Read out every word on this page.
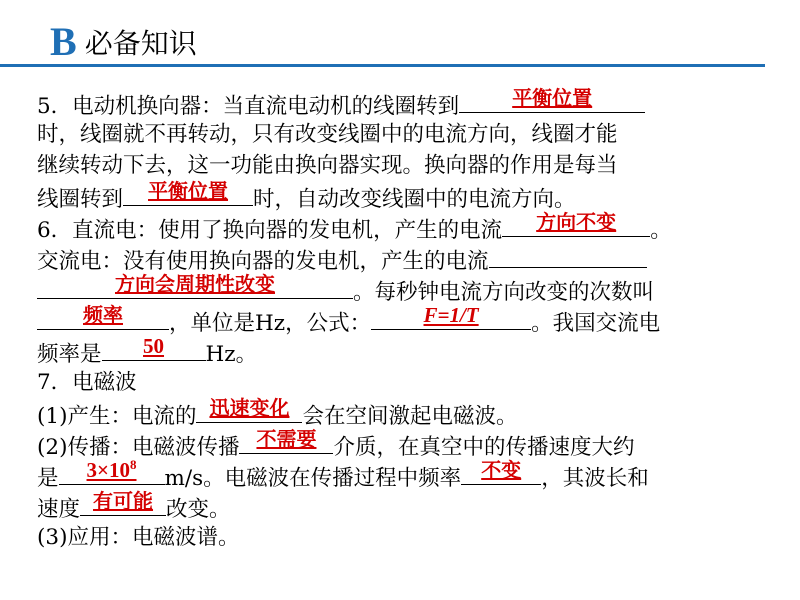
B 必备知识
5．电动机换向器：当直流电动机的线圈转到	平衡位置
时，线圈就不再转动，只有改变线圈中的电流方向，线圈才能
继续转动下去，这一功能由换向器实现。换向器的作用是每当
线圈转到	平衡位置	时，自动改变线圈中的电流方向。
6．直流电：使用了换向器的发电机，产生的电流	方向不变	。
交流电：没有使用换向器的发电机，产生的电流
方向会周期性改变	。每秒钟电流方向改变的次数叫
频率	，单位是Hz，公式：	F=1/T	。我国交流电
频率是	50	Hz。
7．电磁波
(1)产生：电流的 迅速变化 会在空间激起电磁波。
(2)传播：电磁波传播 不需要 介质，在真空中的传播速度大约
是	$3\times 10^8$
m/s。电磁波在传播过程中频率	不变 ，其波长和
速度 有可能 改变。
(3)应用：电磁波谱。
